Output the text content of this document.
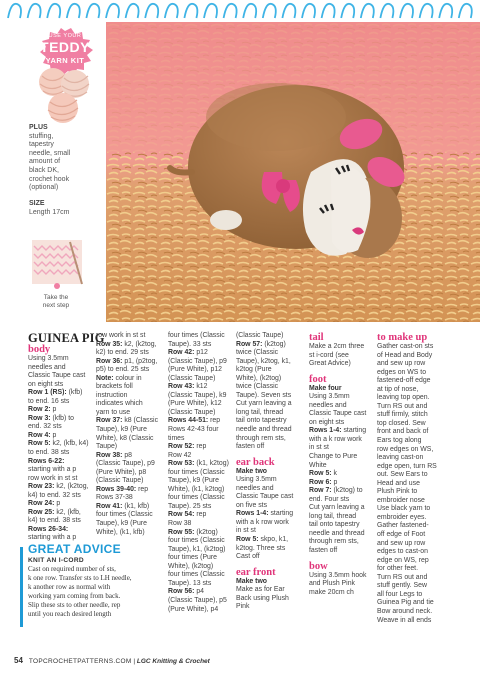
USE YOUR
TEDDY
YARN KIT
PLUS
stuffing,
tapestry
needle, small
amount of
black DK,
crochet hook
(optional)
SIZE
Length 17cm
Take the
next step
GUINEA PIG
body

Using 3.5mm

needles and

Classic Taupe cast

on eight sts

Row 1 (RS): (kfb)

to end. 16 sts

Row 2: p

Row 3: (kfb) to

end. 32 sts

Row 4: p

Row 5: k2, (kfb, k4)

to end. 38 sts

Rows 6-22:

starting with a p

row work in st st

Row 23: k2, (k2tog,

k4) to end. 32 sts

Row 24: p

Row 25: k2, (kfb,

k4) to end. 38 sts

Rows 26-34:

starting with a p

row work in st st

Row 35: k2, (k2tog,

k2) to end. 29 sts

Row 36: p1, (p2tog,

p5) to end. 25 sts

Note: colour in

brackets foll

instruction

indicates which

yarn to use

Row 37: k8 (Classic

Taupe), k9 (Pure

White), k8 (Classic

Taupe)

Row 38: p8

(Classic Taupe), p9

(Pure White), p8

(Classic Taupe)

Rows 39-40: rep

Rows 37-38

Row 41: (k1, kfb)

four times (Classic

Taupe), k9 (Pure

White), (k1, kfb)

four times (Classic

Taupe). 33 sts

Row 42: p12

(Classic Taupe), p9

(Pure White), p12

(Classic Taupe)

Row 43: k12

(Classic Taupe), k9

(Pure White), k12

(Classic Taupe)

Rows 44-51: rep

Rows 42-43 four

times

Row 52: rep

Row 42

Row 53: (k1, k2tog)

four times (Classic

Taupe), k9 (Pure

White), (k1, k2tog)

four times (Classic

Taupe). 25 sts

Row 54: rep

Row 38

Row 55: (k2tog)

four times (Classic

Taupe), k1, (k2tog)

four times (Pure

White), (k2tog)

four times (Classic

Taupe). 13 sts

Row 56: p4

(Classic Taupe), p5

(Pure White), p4

(Classic Taupe)

Row 57: (k2tog)

twice (Classic

Taupe), k2tog, k1,

k2tog (Pure

White), (k2tog)

twice (Classic

Taupe). Seven sts

Cut yarn leaving a

long tail, thread

tail onto tapestry

needle and thread

through rem sts,

fasten off

ear back

Make two

Using 3.5mm

needles and

Classic Taupe cast

on five sts

Rows 1-4: starting

with a k row work

in st st

Row 5: skpo, k1,

k2tog. Three sts

Cast off

ear front

Make two

Make as for Ear

Back using Plush

Pink

tail

Make a 2cm three

st i-cord (see

Great Advice)

foot

Make four

Using 3.5mm

needles and

Classic Taupe cast

on eight sts

Rows 1-4: starting

with a k row work

in st st

Change to Pure

White

Row 5: k

Row 6: p

Row 7: (k2tog) to

end. Four sts

Cut yarn leaving a

long tail, thread

tail onto tapestry

needle and thread

through rem sts,

fasten off

bow

Using 3.5mm hook

and Plush Pink

make 20cm ch

to make up

Gather cast-on sts

of Head and Body

and sew up row

edges on WS to

fastened-off edge

at tip of nose,

leaving top open.

Turn RS out and

stuff firmly, stitch

top closed. Sew

front and back of

Ears tog along

row edges on WS,

leaving cast-on

edge open, turn RS

out. Sew Ears to

Head and use

Plush Pink to

embroider nose

Use black yarn to

embroider eyes.

Gather fastened-

off edge of Foot

and sew up row

edges to cast-on

edge on WS, rep

for other feet.

Turn RS out and

stuff gently. Sew

all four Legs to

Guinea Pig and tie

Bow around neck.

Weave in all ends

GREAT ADVICE
KNIT AN I-CORD
Cast on required number of sts,
k one row. Transfer sts to LH needle,
k another row as normal with
working yarn coming from back.
Slip these sts to other needle, rep
until you reach desired length
54 TOPCROCHETPATTERNS.COM | LGC Knitting & Crochet
